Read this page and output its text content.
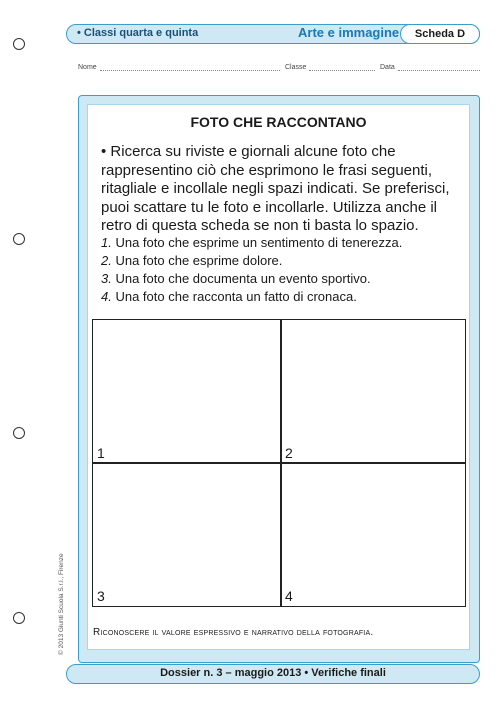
• Classi quarta e quinta	Arte e immagine	Scheda D
Nome	Classe	Data
FOTO CHE RACCONTANO
• Ricerca su riviste e giornali alcune foto che rappresentino ciò che esprimono le frasi seguenti, ritagliale e incollale negli spazi indicati. Se preferisci, puoi scattare tu le foto e incollarle. Utilizza anche il retro di questa scheda se non ti basta lo spazio.
1. Una foto che esprime un sentimento di tenerezza.
2. Una foto che esprime dolore.
3. Una foto che documenta un evento sportivo.
4. Una foto che racconta un fatto di cronaca.
1	2
3	4
Riconoscere il valore espressivo e narrativo della fotografia.
© 2013 Giunti Scuola S.r.l., Firenze
Dossier n. 3 – maggio 2013 • Verifiche finali
